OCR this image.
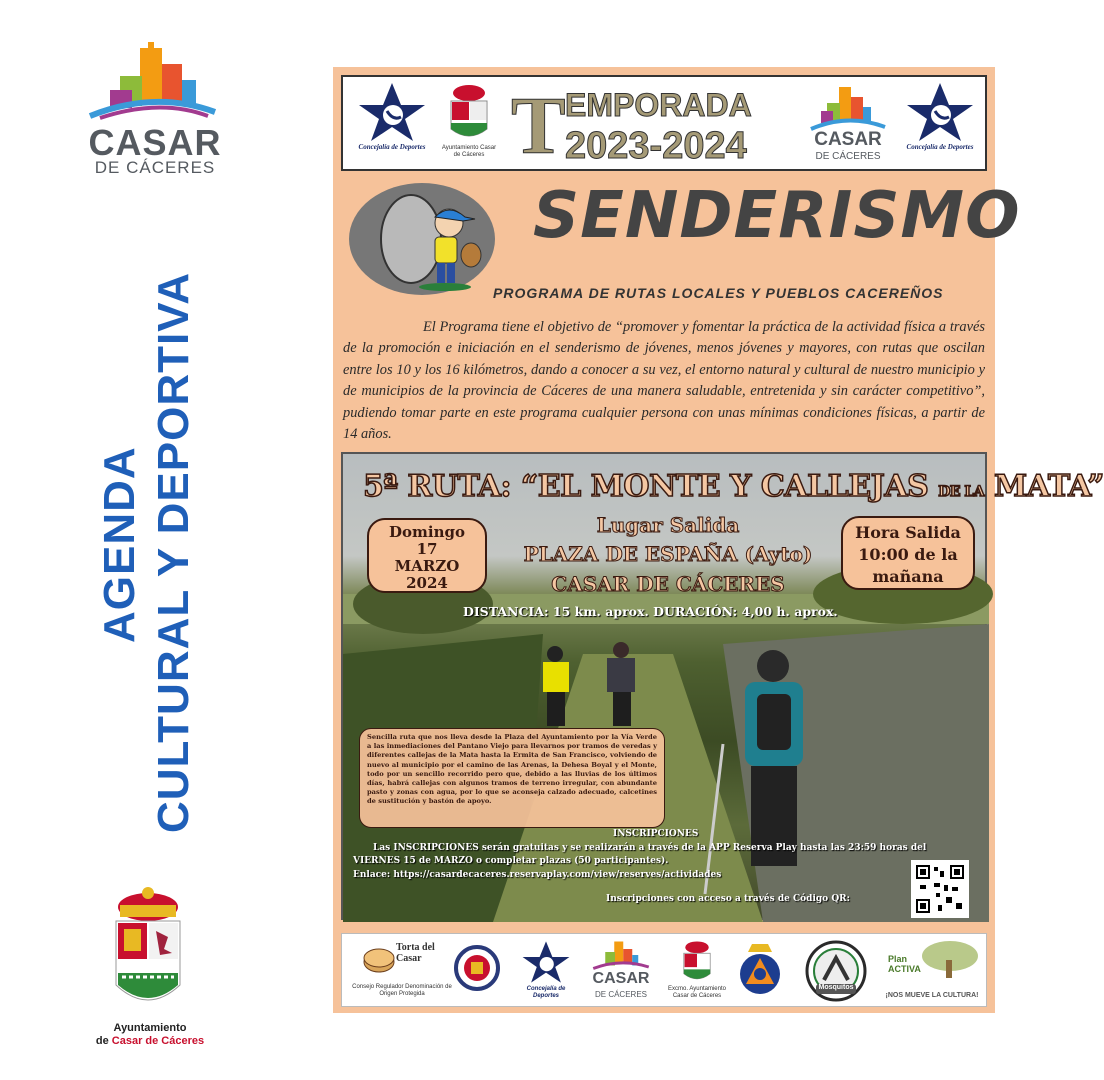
CASAR
DE CÁCERES
AGENDA CULTURAL Y DEPORTIVA
Ayuntamiento
de Casar de Cáceres
Concejalía de Deportes	Ayuntamiento Casar de Cáceres T EMPORADA
2023-2024	CASAR
DE CÁCERES
Concejalía de Deportes
SENDERISMO
PROGRAMA DE RUTAS LOCALES Y PUEBLOS CACEREÑOS
El Programa tiene el objetivo de “promover y fomentar la práctica de la actividad física a través de la promoción e iniciación en el senderismo de jóvenes, menos jóvenes y mayores, con rutas que oscilan entre los 10 y los 16 kilómetros, dando a conocer a su vez, el entorno natural y cultural de nuestro municipio y de municipios de la provincia de Cáceres de una manera saludable, entretenida y sin carácter competitivo”, pudiendo tomar parte en este programa cualquier persona con unas mínimas condiciones físicas, a partir de 14 años.
5ª RUTA: “EL MONTE Y CALLEJAS DE LA MATA”
Domingo
17
MARZO
2024
Lugar Salida
PLAZA DE ESPAÑA (Ayto)
CASAR DE CÁCERES
Hora Salida
10:00 de la
mañana
DISTANCIA: 15 km. aprox. DURACIÓN: 4,00 h. aprox.

Sencilla ruta que nos lleva desde la Plaza del Ayuntamiento por la Vía Verde a las inmediaciones del Pantano Viejo para llevarnos por tramos de veredas y diferentes callejas de la Mata hasta la Ermita de San Francisco, volviendo de nuevo al municipio por el camino de las Arenas, la Dehesa Boyal y el Monte, todo por un sencillo recorrido pero que, debido a las lluvias de los últimos días, habrá callejas con algunos tramos de terreno irregular, con abundante pasto y zonas con agua, por lo que se aconseja calzado adecuado, calcetines de sustitución y bastón de apoyo.

INSCRIPCIONES
Las INSCRIPCIONES serán gratuitas y se realizarán a través de la APP Reserva Play hasta las 23:59 horas del VIERNES 15 de MARZO o completar plazas (50 participantes).
Enlace: https://casardecaceres.reservaplay.com/view/reserves/actividades
Inscripciones con acceso a través de Código QR:
Torta del Casar
Consejo Regulador Denominación de Origen Protegida
Concejalía de Deportes
CASAR
DE CÁCERES
Excmo. Ayuntamiento Casar de Cáceres
Mosquitos
Plan ACTIVA
¡NOS MUEVE LA CULTURA!
